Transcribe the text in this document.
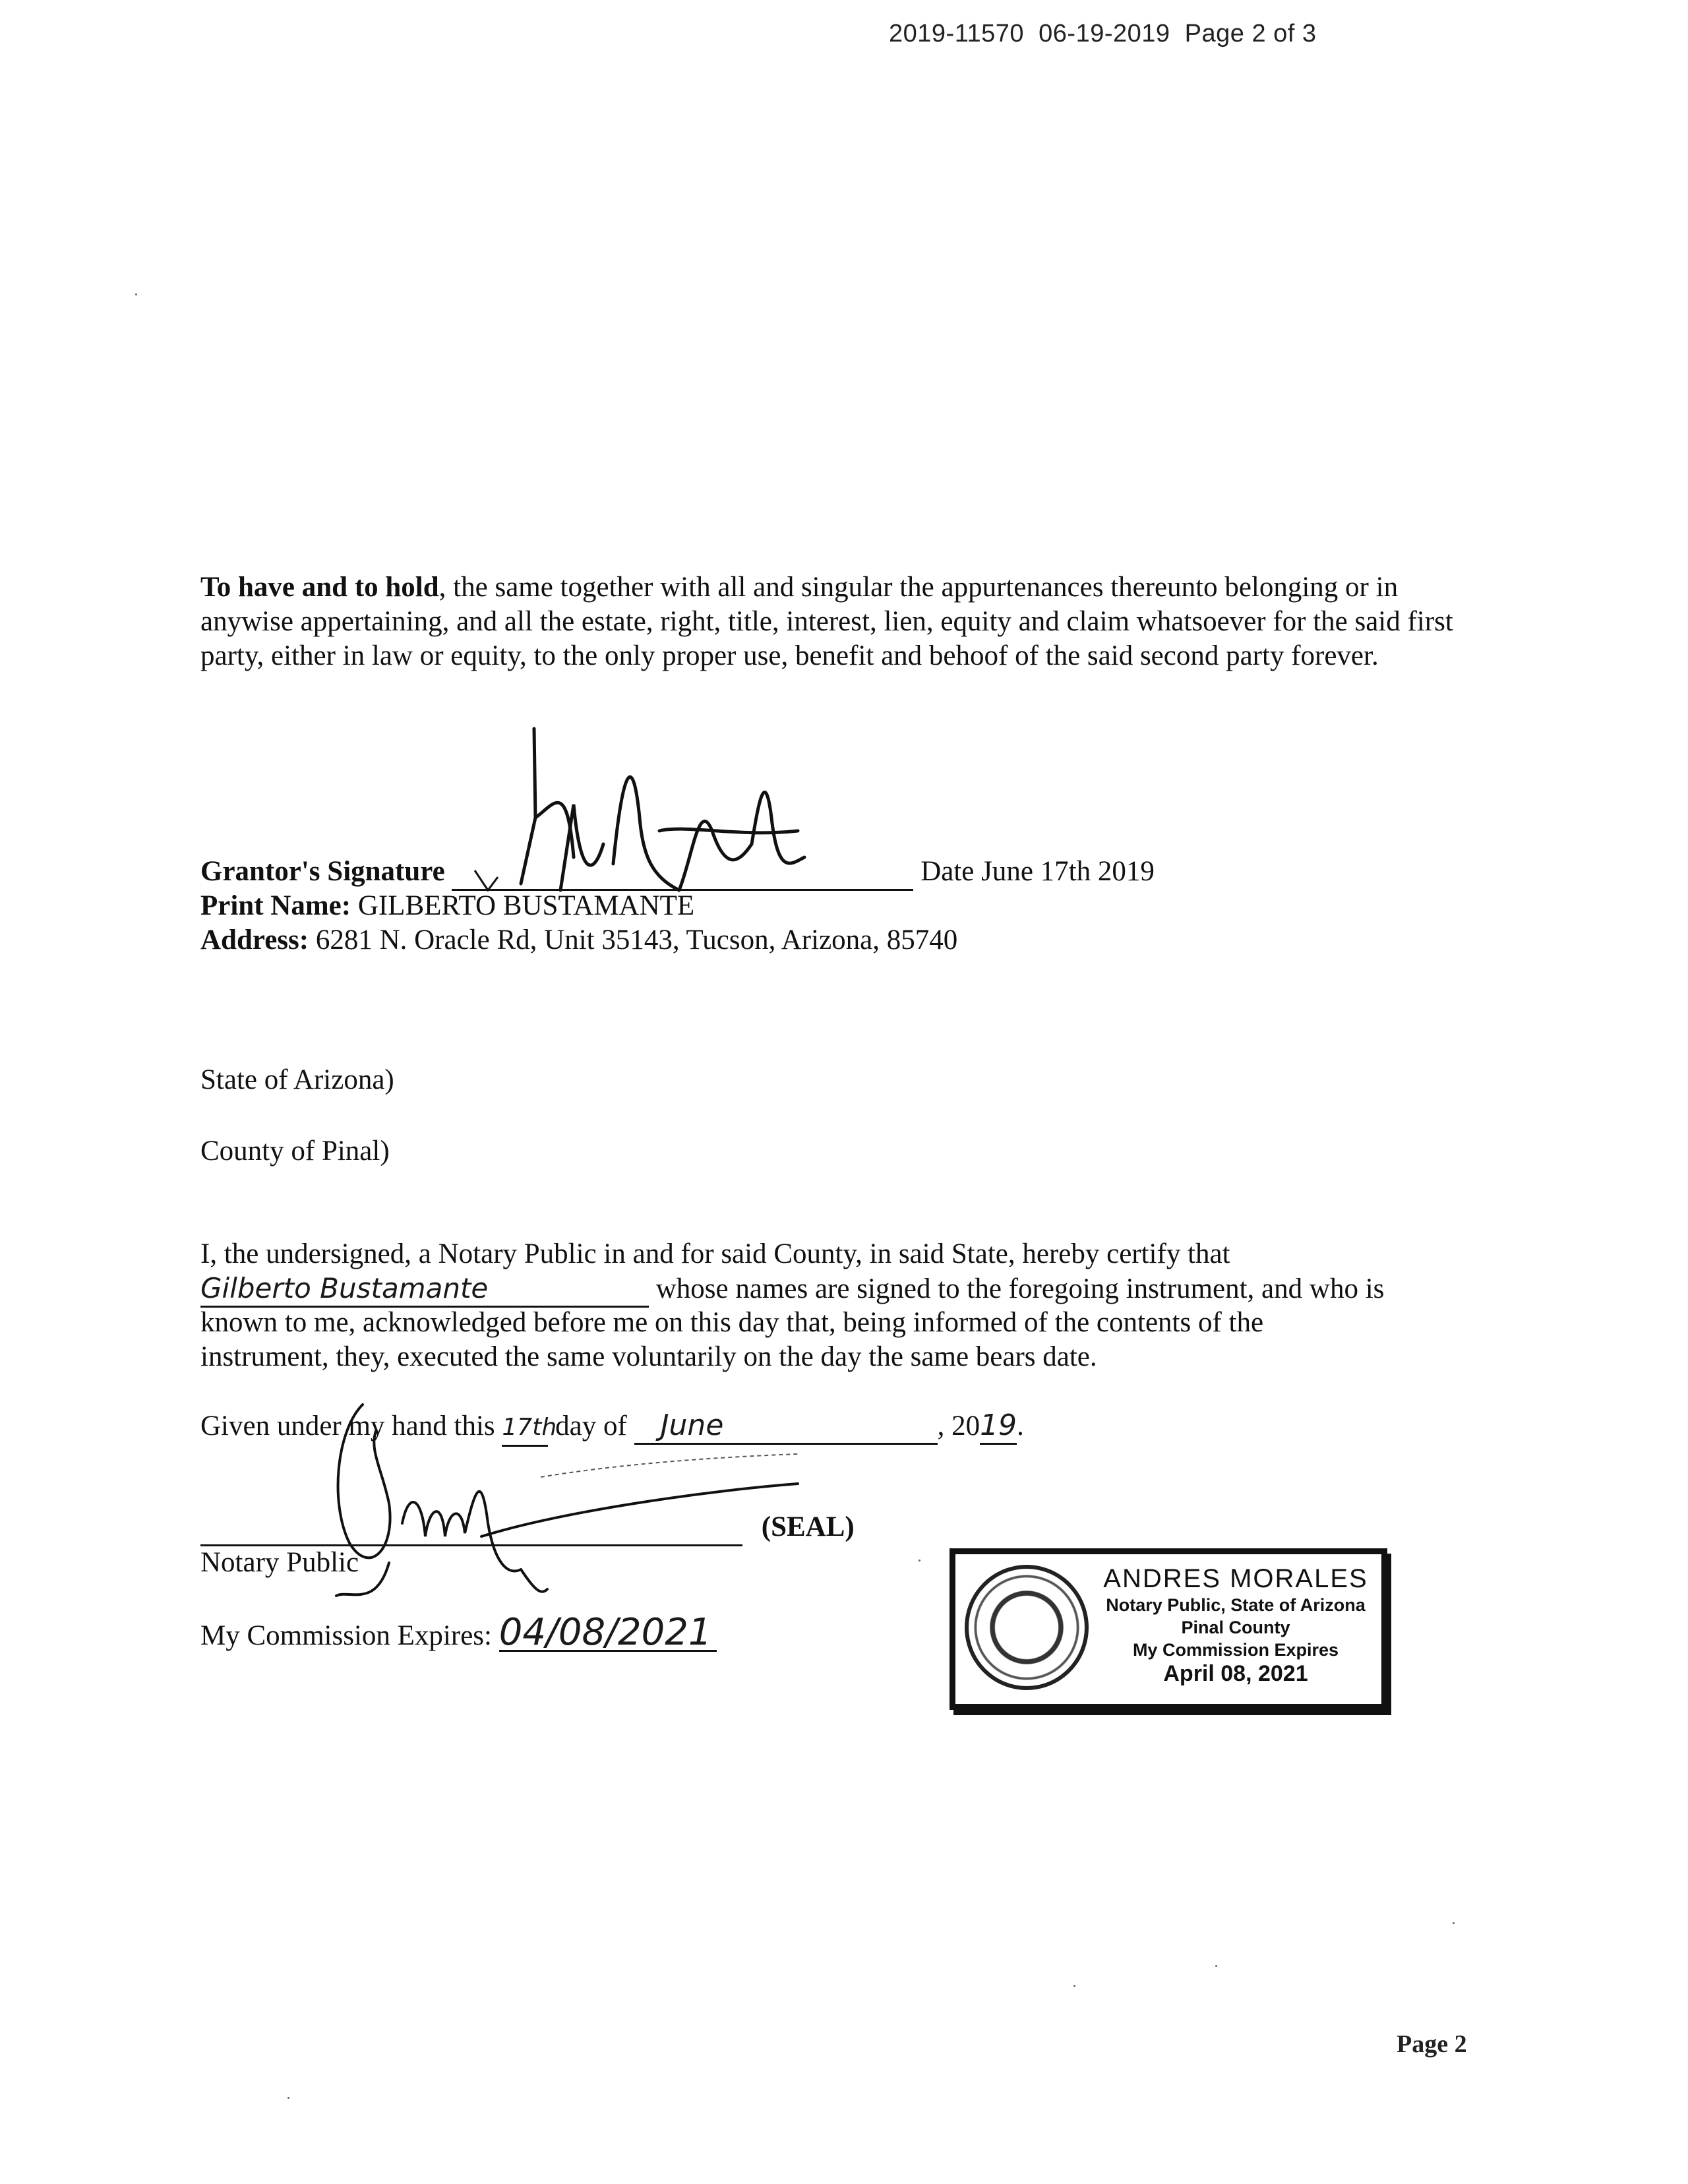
2019-11570  06-19-2019  Page 2 of 3
To have and to hold, the same together with all and singular the appurtenances thereunto belonging or in anywise appertaining, and all the estate, right, title, interest, lien, equity and claim whatsoever for the said first party, either in law or equity, to the only proper use, benefit and behoof of the said second party forever.
Grantor's Signature	Date June 17th 2019
Print Name: GILBERTO BUSTAMANTE
Address: 6281 N. Oracle Rd, Unit 35143, Tucson, Arizona, 85740
State of Arizona)
County of Pinal)
I, the undersigned, a Notary Public in and for said County, in said State, hereby certify that
Gilberto Bustamante	whose names are signed to the foregoing instrument, and who is
known to me, acknowledged before me on this day that, being informed of the contents of the
instrument, they, executed the same voluntarily on the day the same bears date.
Given under my hand this 17th day of June	, 2019.
(SEAL)
Notary Public
My Commission Expires: 04/08/2021
ANDRES MORALES
Notary Public, State of Arizona
Pinal County
My Commission Expires
April 08, 2021
Page 2
